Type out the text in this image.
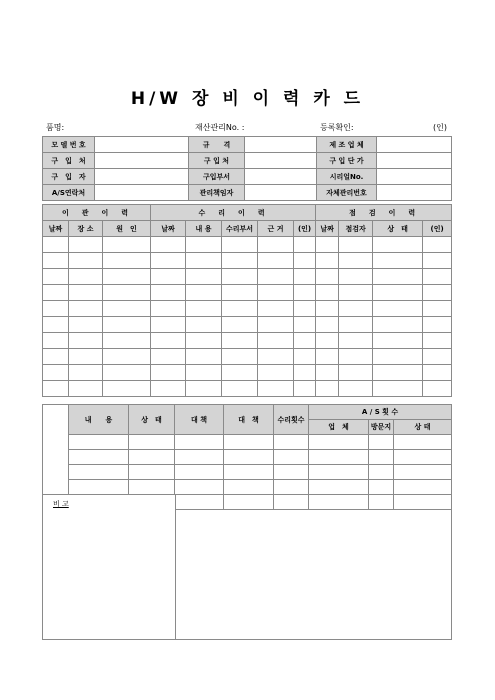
H/W 장 비 이 력 카 드
품명:	재산관리No. :	등록확인:	(인)
모 델 번 호		규　　격		제 조 업 체	
구　입　처		구 입 처		구 입 단 가	
구　입　자		구입부서		시리얼No.	
A/S연락처		관리책임자		자체관리번호	
이　관　이　력			수　리　이　력					점　검　이　력			
날짜	장 소	원　인	날짜	내 용	수리부서	근 거	(인)	날짜	점검자	상　태	(인)

	내　　용	상　태	대 책	대　책	수리횟수	A / S 횟 수		
						업　체	방문지	상 태

비 고	
